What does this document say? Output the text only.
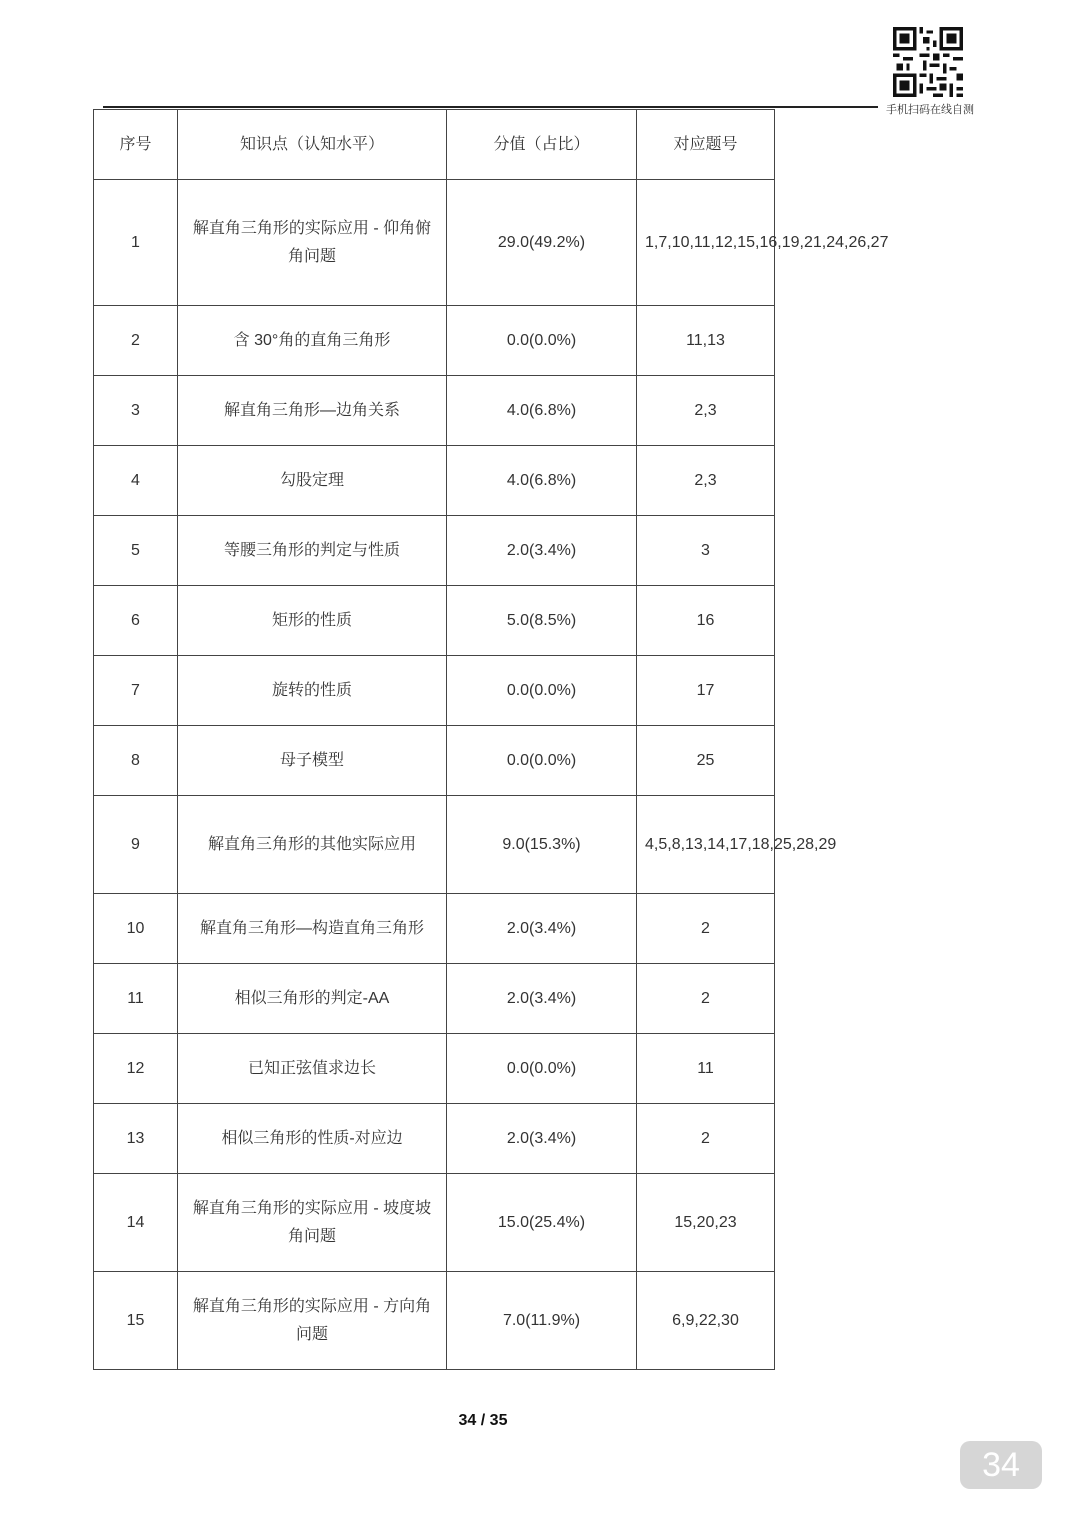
手机扫码在线自测
序号	知识点（认知水平）	分值（占比）	对应题号
1	解直角三角形的实际应用 - 仰角俯角问题	29.0(49.2%)	1,7,10,11,12,15,16,19,21,24,26,27
2	含 30°角的直角三角形	0.0(0.0%)	11,13
3	解直角三角形—边角关系	4.0(6.8%)	2,3
4	勾股定理	4.0(6.8%)	2,3
5	等腰三角形的判定与性质	2.0(3.4%)	3
6	矩形的性质	5.0(8.5%)	16
7	旋转的性质	0.0(0.0%)	17
8	母子模型	0.0(0.0%)	25
9	解直角三角形的其他实际应用	9.0(15.3%)	4,5,8,13,14,17,18,25,28,29
10	解直角三角形—构造直角三角形	2.0(3.4%)	2
11	相似三角形的判定-AA	2.0(3.4%)	2
12	已知正弦值求边长	0.0(0.0%)	11
13	相似三角形的性质-对应边	2.0(3.4%)	2
14	解直角三角形的实际应用 - 坡度坡角问题	15.0(25.4%)	15,20,23
15	解直角三角形的实际应用 - 方向角问题	7.0(11.9%)	6,9,22,30
34 / 35
34
